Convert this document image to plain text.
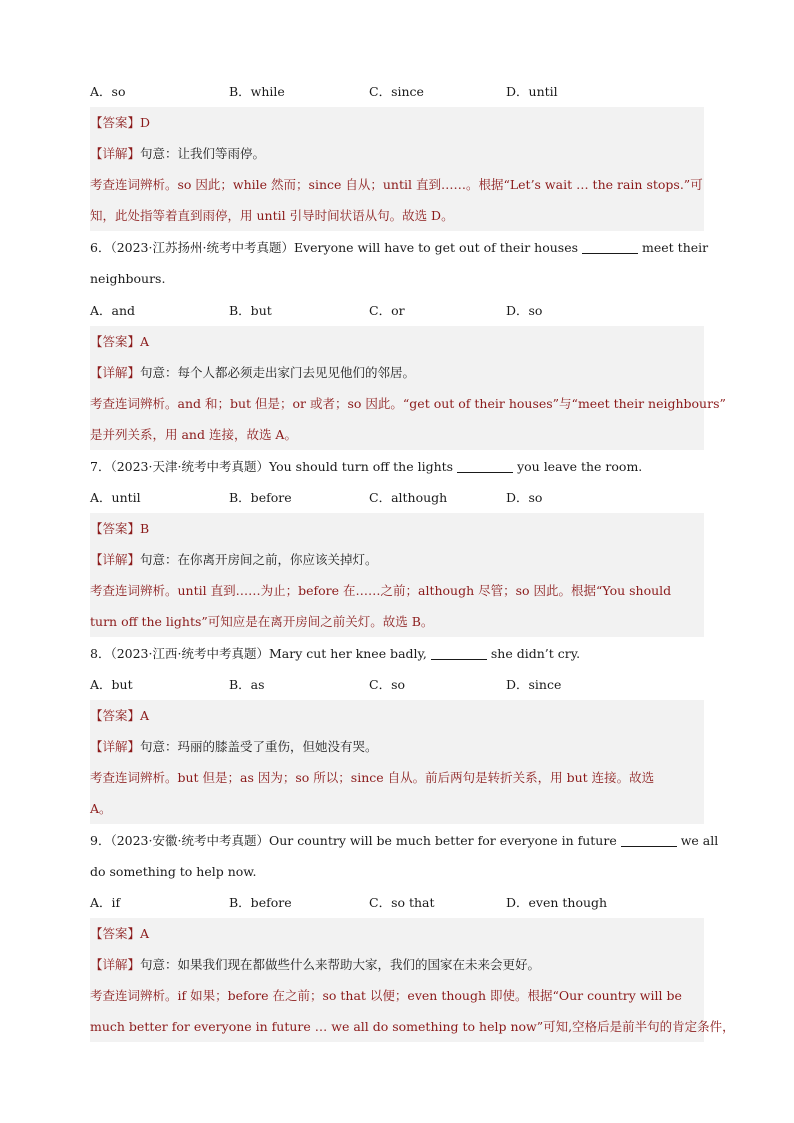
A．so	B．while	C．since	D．until
【答案】D
【详解】句意：让我们等雨停。
考查连词辨析。so 因此；while 然而；since 自从；until 直到……。根据“Let’s wait … the rain stops.”可
知，此处指等着直到雨停，用 until 引导时间状语从句。故选 D。
6．（2023·江苏扬州·统考中考真题）Everyone will have to get out of their houses	meet their
neighbours.
A．and	B．but	C．or	D．so
【答案】A
【详解】句意：每个人都必须走出家门去见见他们的邻居。
考查连词辨析。and 和；but 但是；or 或者；so 因此。“get out of their houses”与“meet their neighbours”
是并列关系，用 and 连接，故选 A。
7．（2023·天津·统考中考真题）You should turn off the lights	you leave the room.
A．until	B．before	C．although	D．so
【答案】B
【详解】句意：在你离开房间之前，你应该关掉灯。
考查连词辨析。until 直到……为止；before 在……之前；although 尽管；so 因此。根据“You should
turn off the lights”可知应是在离开房间之前关灯。故选 B。
8．（2023·江西·统考中考真题）Mary cut her knee badly,	she didn’t cry.
A．but	B．as	C．so	D．since
【答案】A
【详解】句意：玛丽的膝盖受了重伤，但她没有哭。
考查连词辨析。but 但是；as 因为；so 所以；since 自从。前后两句是转折关系，用 but 连接。故选
A。
9．（2023·安徽·统考中考真题）Our country will be much better for everyone in future	we all
do something to help now.
A．if	B．before	C．so that	D．even though
【答案】A
【详解】句意：如果我们现在都做些什么来帮助大家，我们的国家在未来会更好。
考查连词辨析。if 如果；before 在之前；so that 以便；even though 即使。根据“Our country will be
much better for everyone in future … we all do something to help now”可知,空格后是前半句的肯定条件，
